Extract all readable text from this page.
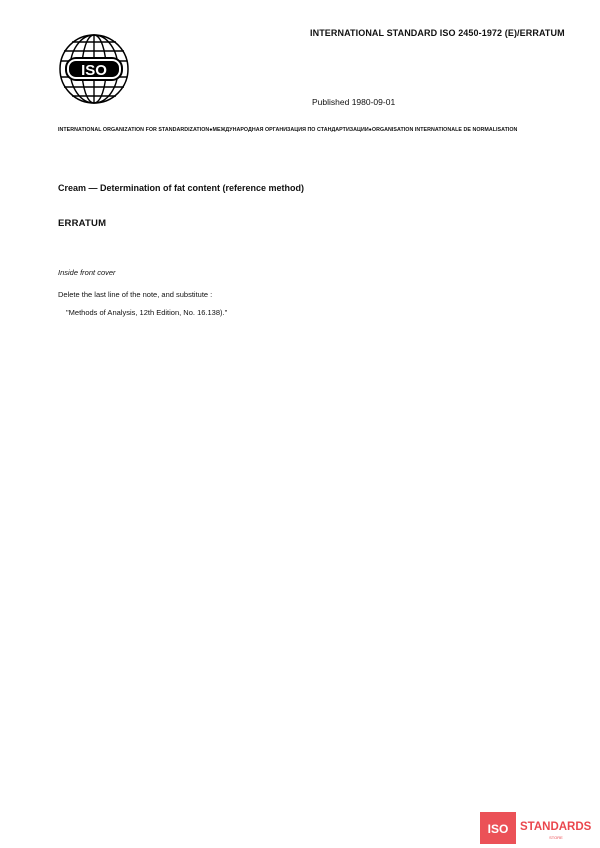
ISO
INTERNATIONAL STANDARD ISO 2450-1972 (E)/ERRATUM
Published 1980-09-01
INTERNATIONAL ORGANIZATION FOR STANDARDIZATION●МЕЖДУНАРОДНАЯ ОРГАНИЗАЦИЯ ПО СТАНДАРТИЗАЦИИ●ORGANISATION INTERNATIONALE DE NORMALISATION
Cream — Determination of fat content (reference method)
ERRATUM
Inside front cover
Delete the last line of the note, and substitute :
"Methods of Analysis, 12th Edition, No. 16.138)."
ISO STANDARDS
STORE
